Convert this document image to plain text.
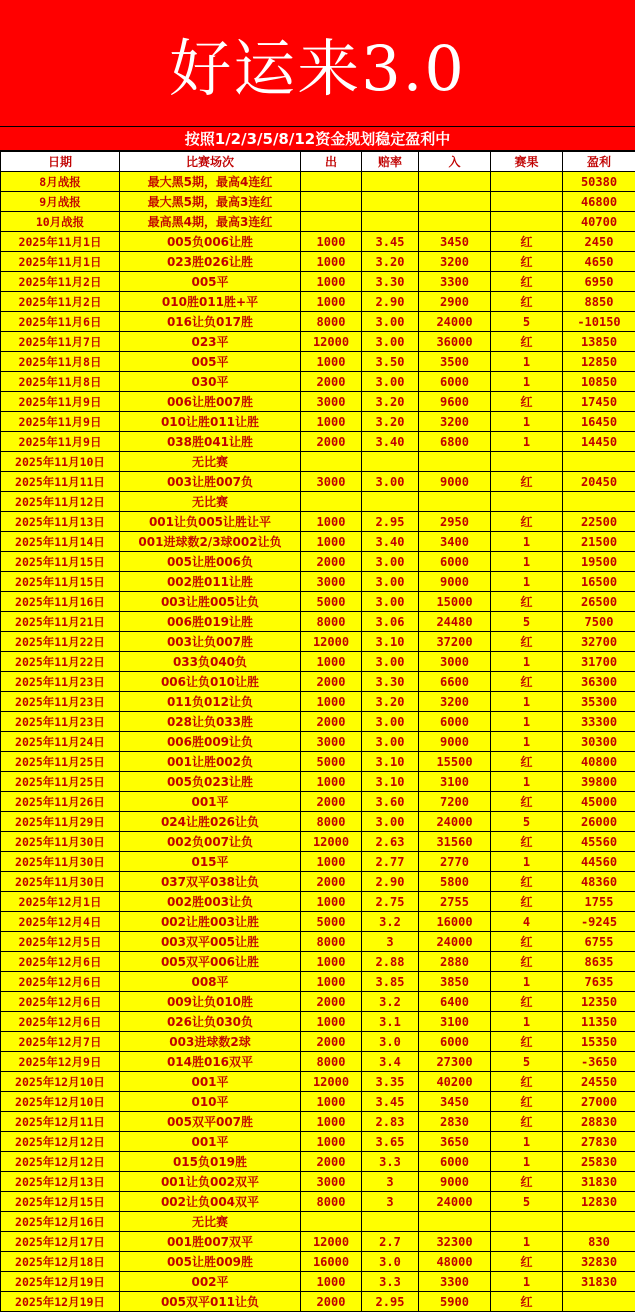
好运来3.0
按照1/2/3/5/8/12资金规划稳定盈利中
日期	比赛场次	出	赔率	入	赛果	盈利
8月战报	最大黑5期，最高4连红					50380
9月战报	最大黑5期，最高3连红					46800
10月战报	最高黑4期，最高3连红					40700
2025年11月1日	005负006让胜	1000	3.45	3450	红	2450
2025年11月1日	023胜026让胜	1000	3.20	3200	红	4650
2025年11月2日	005平	1000	3.30	3300	红	6950
2025年11月2日	010胜011胜+平	1000	2.90	2900	红	8850
2025年11月6日	016让负017胜	8000	3.00	24000	5	-10150
2025年11月7日	023平	12000	3.00	36000	红	13850
2025年11月8日	005平	1000	3.50	3500	1	12850
2025年11月8日	030平	2000	3.00	6000	1	10850
2025年11月9日	006让胜007胜	3000	3.20	9600	红	17450
2025年11月9日	010让胜011让胜	1000	3.20	3200	1	16450
2025年11月9日	038胜041让胜	2000	3.40	6800	1	14450
2025年11月10日	无比赛					
2025年11月11日	003让胜007负	3000	3.00	9000	红	20450
2025年11月12日	无比赛					
2025年11月13日	001让负005让胜让平	1000	2.95	2950	红	22500
2025年11月14日	001进球数2/3球002让负	1000	3.40	3400	1	21500
2025年11月15日	005让胜006负	2000	3.00	6000	1	19500
2025年11月15日	002胜011让胜	3000	3.00	9000	1	16500
2025年11月16日	003让胜005让负	5000	3.00	15000	红	26500
2025年11月21日	006胜019让胜	8000	3.06	24480	5	7500
2025年11月22日	003让负007胜	12000	3.10	37200	红	32700
2025年11月22日	033负040负	1000	3.00	3000	1	31700
2025年11月23日	006让负010让胜	2000	3.30	6600	红	36300
2025年11月23日	011负012让负	1000	3.20	3200	1	35300
2025年11月23日	028让负033胜	2000	3.00	6000	1	33300
2025年11月24日	006胜009让负	3000	3.00	9000	1	30300
2025年11月25日	001让胜002负	5000	3.10	15500	红	40800
2025年11月25日	005负023让胜	1000	3.10	3100	1	39800
2025年11月26日	001平	2000	3.60	7200	红	45000
2025年11月29日	024让胜026让负	8000	3.00	24000	5	26000
2025年11月30日	002负007让负	12000	2.63	31560	红	45560
2025年11月30日	015平	1000	2.77	2770	1	44560
2025年11月30日	037双平038让负	2000	2.90	5800	红	48360
2025年12月1日	002胜003让负	1000	2.75	2755	红	1755
2025年12月4日	002让胜003让胜	5000	3.2	16000	4	-9245
2025年12月5日	003双平005让胜	8000	3	24000	红	6755
2025年12月6日	005双平006让胜	1000	2.88	2880	红	8635
2025年12月6日	008平	1000	3.85	3850	1	7635
2025年12月6日	009让负010胜	2000	3.2	6400	红	12350
2025年12月6日	026让负030负	1000	3.1	3100	1	11350
2025年12月7日	003进球数2球	2000	3.0	6000	红	15350
2025年12月9日	014胜016双平	8000	3.4	27300	5	-3650
2025年12月10日	001平	12000	3.35	40200	红	24550
2025年12月10日	010平	1000	3.45	3450	红	27000
2025年12月11日	005双平007胜	1000	2.83	2830	红	28830
2025年12月12日	001平	1000	3.65	3650	1	27830
2025年12月12日	015负019胜	2000	3.3	6000	1	25830
2025年12月13日	001让负002双平	3000	3	9000	红	31830
2025年12月15日	002让负004双平	8000	3	24000	5	12830
2025年12月16日	无比赛					
2025年12月17日	001胜007双平	12000	2.7	32300	1	830
2025年12月18日	005让胜009胜	16000	3.0	48000	红	32830
2025年12月19日	002平	1000	3.3	3300	1	31830
2025年12月19日	005双平011让负	2000	2.95	5900	红	
